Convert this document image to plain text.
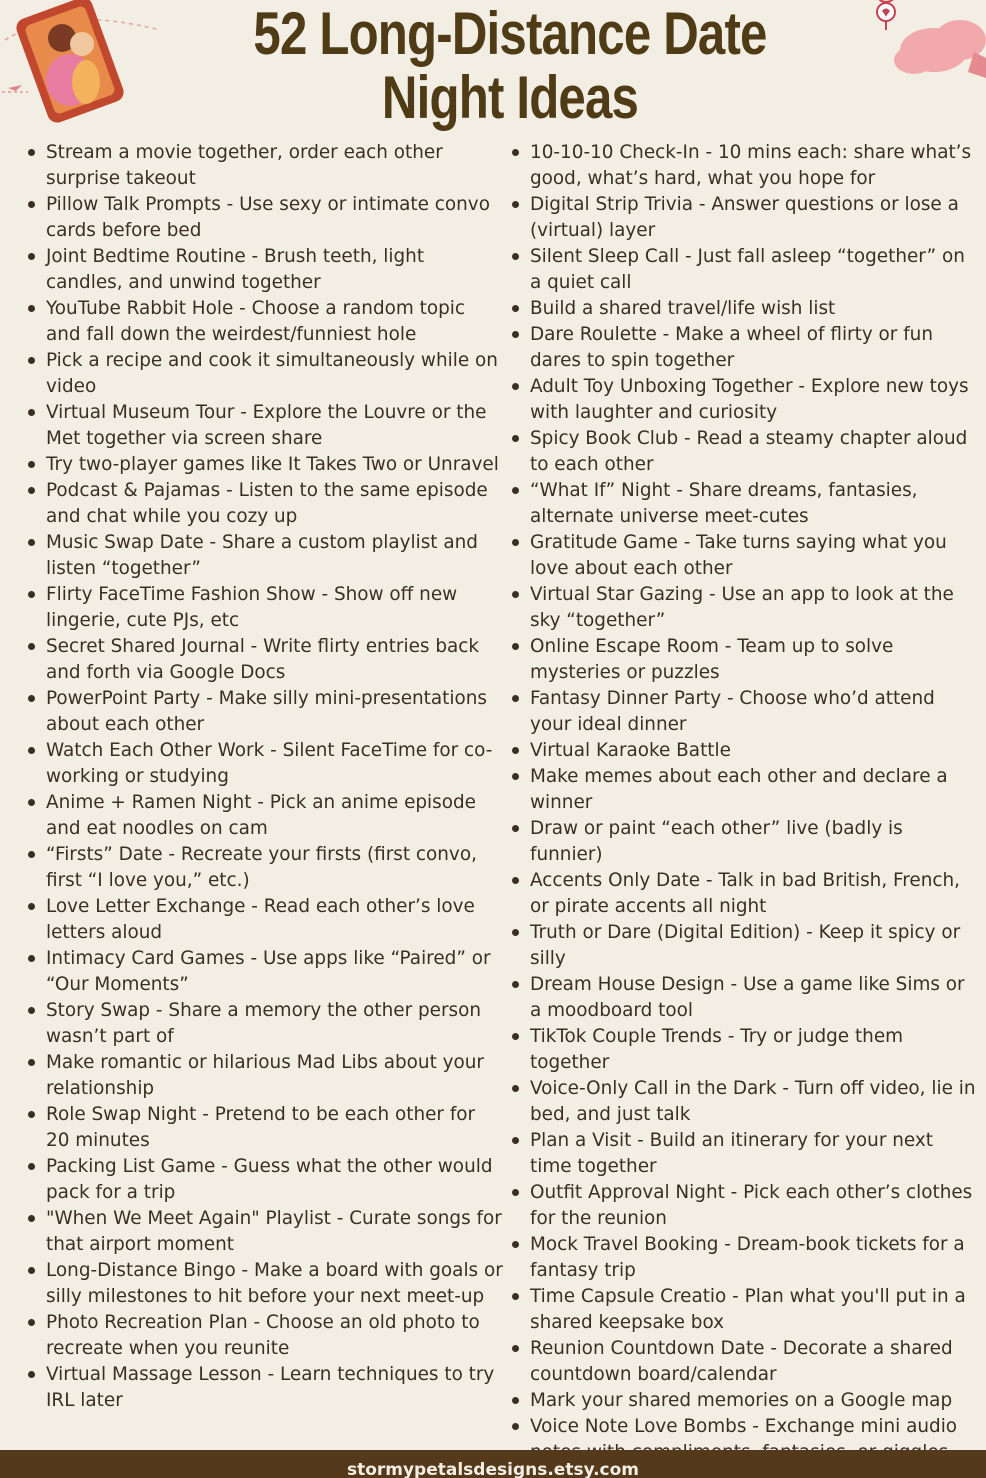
52 Long-Distance Date Night Ideas
Stream a movie together, order each other surprise takeout
Pillow Talk Prompts - Use sexy or intimate convo cards before bed
Joint Bedtime Routine - Brush teeth, light candles, and unwind together
YouTube Rabbit Hole - Choose a random topic and fall down the weirdest/funniest hole
Pick a recipe and cook it simultaneously while on video
Virtual Museum Tour - Explore the Louvre or the Met together via screen share
Try two-player games like It Takes Two or Unravel
Podcast & Pajamas - Listen to the same episode and chat while you cozy up
Music Swap Date - Share a custom playlist and listen “together”
Flirty FaceTime Fashion Show - Show off new lingerie, cute PJs, etc
Secret Shared Journal - Write flirty entries back and forth via Google Docs
PowerPoint Party - Make silly mini-presentations about each other
Watch Each Other Work - Silent FaceTime for co-working or studying
Anime + Ramen Night - Pick an anime episode and eat noodles on cam
“Firsts” Date - Recreate your firsts (first convo, first “I love you,” etc.)
Love Letter Exchange - Read each other’s love letters aloud
Intimacy Card Games - Use apps like “Paired” or “Our Moments”
Story Swap - Share a memory the other person wasn’t part of
Make romantic or hilarious Mad Libs about your relationship
Role Swap Night - Pretend to be each other for 20 minutes
Packing List Game - Guess what the other would pack for a trip
"When We Meet Again" Playlist - Curate songs for that airport moment
Long-Distance Bingo - Make a board with goals or silly milestones to hit before your next meet-up
Photo Recreation Plan - Choose an old photo to recreate when you reunite
Virtual Massage Lesson - Learn techniques to try IRL later
10-10-10 Check-In - 10 mins each: share what’s good, what’s hard, what you hope for
Digital Strip Trivia - Answer questions or lose a (virtual) layer
Silent Sleep Call - Just fall asleep “together” on a quiet call
Build a shared travel/life wish list
Dare Roulette - Make a wheel of flirty or fun dares to spin together
Adult Toy Unboxing Together - Explore new toys with laughter and curiosity
Spicy Book Club - Read a steamy chapter aloud to each other
“What If” Night - Share dreams, fantasies, alternate universe meet-cutes
Gratitude Game - Take turns saying what you love about each other
Virtual Star Gazing - Use an app to look at the sky “together”
Online Escape Room - Team up to solve mysteries or puzzles
Fantasy Dinner Party - Choose who’d attend your ideal dinner
Virtual Karaoke Battle
Make memes about each other and declare a winner
Draw or paint “each other” live (badly is funnier)
Accents Only Date - Talk in bad British, French, or pirate accents all night
Truth or Dare (Digital Edition) - Keep it spicy or silly
Dream House Design - Use a game like Sims or a moodboard tool
TikTok Couple Trends - Try or judge them together
Voice-Only Call in the Dark - Turn off video, lie in bed, and just talk
Plan a Visit - Build an itinerary for your next time together
Outfit Approval Night - Pick each other’s clothes for the reunion
Mock Travel Booking - Dream-book tickets for a fantasy trip
Time Capsule Creatio - Plan what you'll put in a shared keepsake box
Reunion Countdown Date - Decorate a shared countdown board/calendar
Mark your shared memories on a Google map
Voice Note Love Bombs - Exchange mini audio
stormypetalsdesigns.etsy.com
